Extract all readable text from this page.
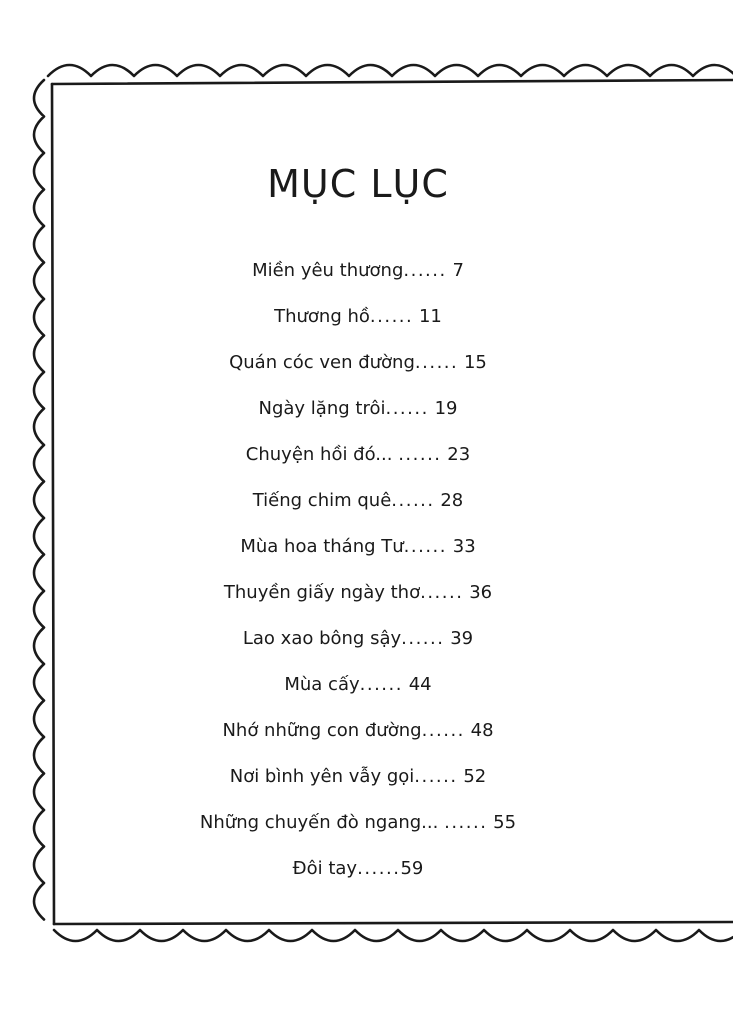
MỤC LỤC
Miền yêu thương...... 7
Thương hồ...... 11
Quán cóc ven đường...... 15
Ngày lặng trôi...... 19
Chuyện hồi đó... ...... 23
Tiếng chim quê...... 28
Mùa hoa tháng Tư...... 33
Thuyền giấy ngày thơ...... 36
Lao xao bông sậy...... 39
Mùa cấy...... 44
Nhớ những con đường...... 48
Nơi bình yên vẫy gọi...... 52
Những chuyến đò ngang... ...... 55
Đôi tay......59
